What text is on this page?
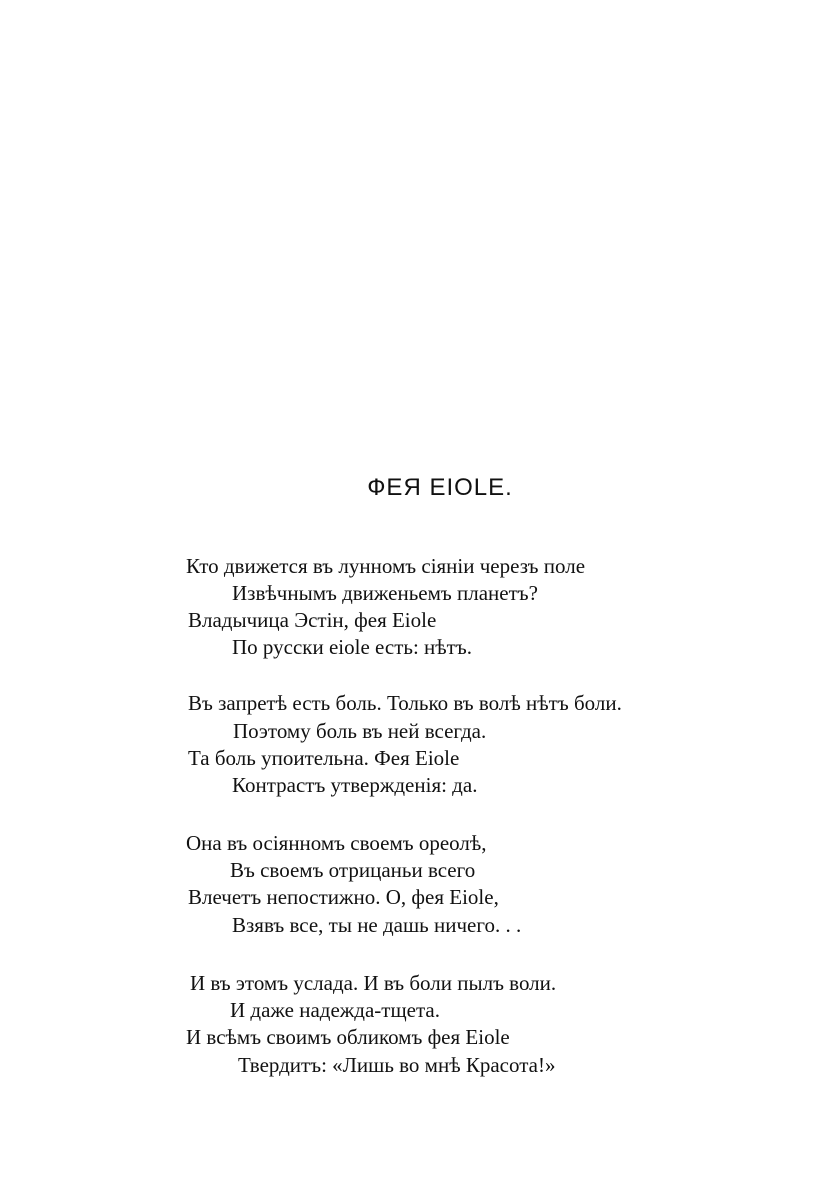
ФЕЯ EIOLE.
Кто движется въ лунномъ сіяніи черезъ поле
Извѣчнымъ движеньемъ планетъ?
Владычица Эстін, фея Eiole
По русски eiole есть: нѣтъ.
Въ запретѣ есть боль. Только въ волѣ нѣтъ боли.
Поэтому боль въ ней всегда.
Та боль упоительна. Фея Eiole
Контрастъ утвержденія: да.
Она въ осіянномъ своемъ ореолѣ,
Въ своемъ отрицаньи всего
Влечетъ непостижно. О, фея Eiole,
Взявъ все, ты не дашь ничего. . .
И въ этомъ услада. И въ боли пылъ воли.
И даже надежда-тщета.
И всѣмъ своимъ обликомъ фея Eiole
Твердитъ: «Лишь во мнѣ Красота!»
